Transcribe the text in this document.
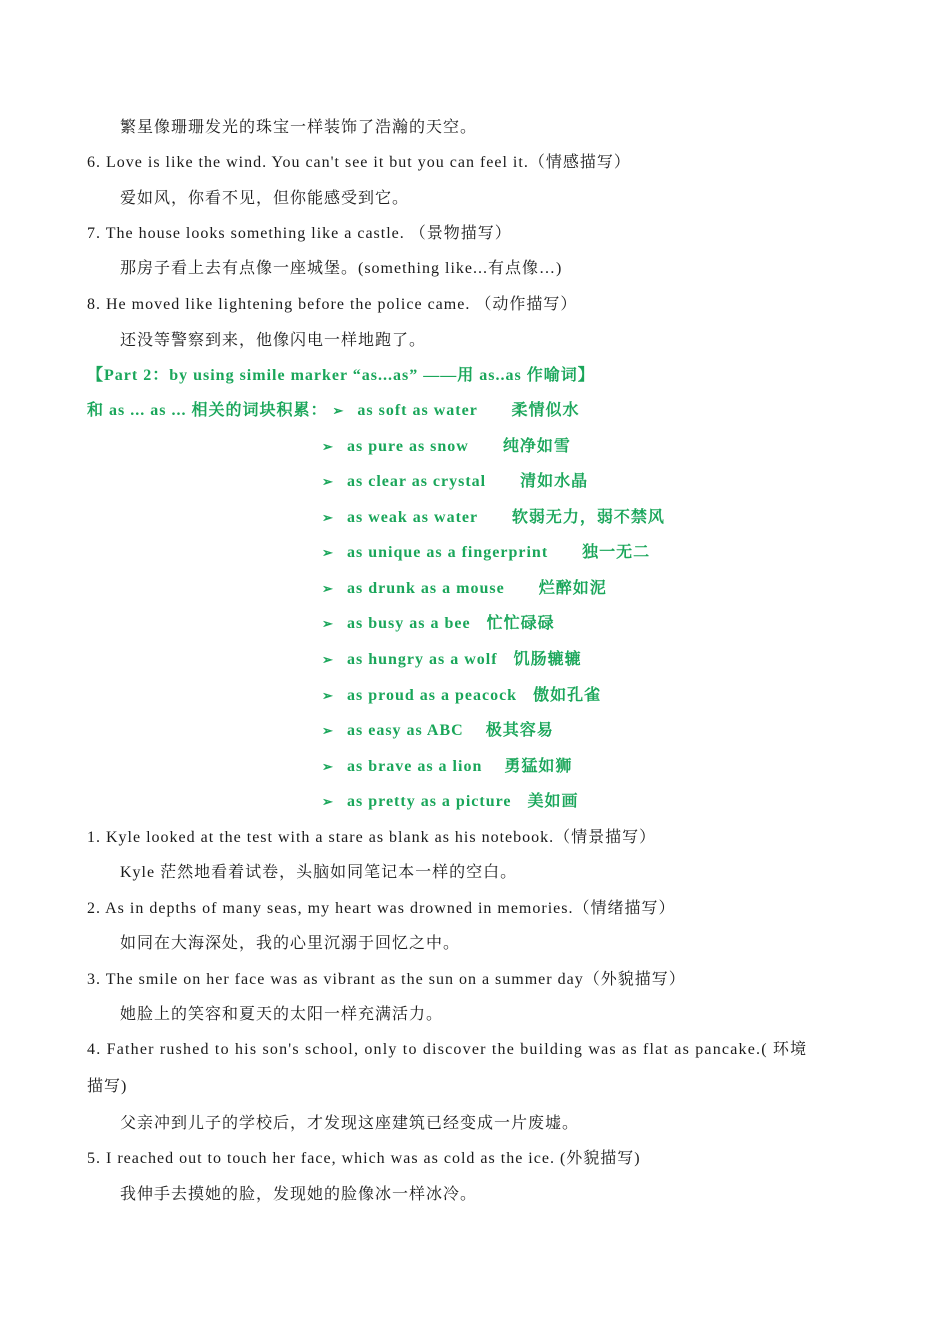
繁星像珊珊发光的珠宝一样装饰了浩瀚的天空。
6. Love is like the wind. You can't see it but you can feel it.（情感描写）
爱如风，你看不见，但你能感受到它。
7. The house looks something like a castle. （景物描写）
那房子看上去有点像一座城堡。(something like...有点像…)
8. He moved like lightening before the police came. （动作描写）
还没等警察到来，他像闪电一样地跑了。
【Part 2：by using simile marker “as...as” ——用 as..as 作喻词】
和 as ... as ... 相关的词块积累： ➢ as soft as water 柔情似水
➢ as pure as snow 纯净如雪
➢ as clear as crystal 清如水晶
➢ as weak as water 软弱无力，弱不禁风
➢ as unique as a fingerprint 独一无二
➢ as drunk as a mouse 烂醉如泥
➢ as busy as a bee 忙忙碌碌
➢ as hungry as a wolf 饥肠辘辘
➢ as proud as a peacock 傲如孔雀
➢ as easy as ABC 极其容易
➢ as brave as a lion 勇猛如狮
➢ as pretty as a picture 美如画
1. Kyle looked at the test with a stare as blank as his notebook.（情景描写）
Kyle 茫然地看着试卷，头脑如同笔记本一样的空白。
2. As in depths of many seas, my heart was drowned in memories.（情绪描写）
如同在大海深处，我的心里沉溺于回忆之中。
3. The smile on her face was as vibrant as the sun on a summer day（外貌描写）
她脸上的笑容和夏天的太阳一样充满活力。
4. Father rushed to his son's school, only to discover the building was as flat as pancake.( 环境
描写)
父亲冲到儿子的学校后，才发现这座建筑已经变成一片废墟。
5. I reached out to touch her face, which was as cold as the ice. (外貌描写)
我伸手去摸她的脸，发现她的脸像冰一样冰冷。
